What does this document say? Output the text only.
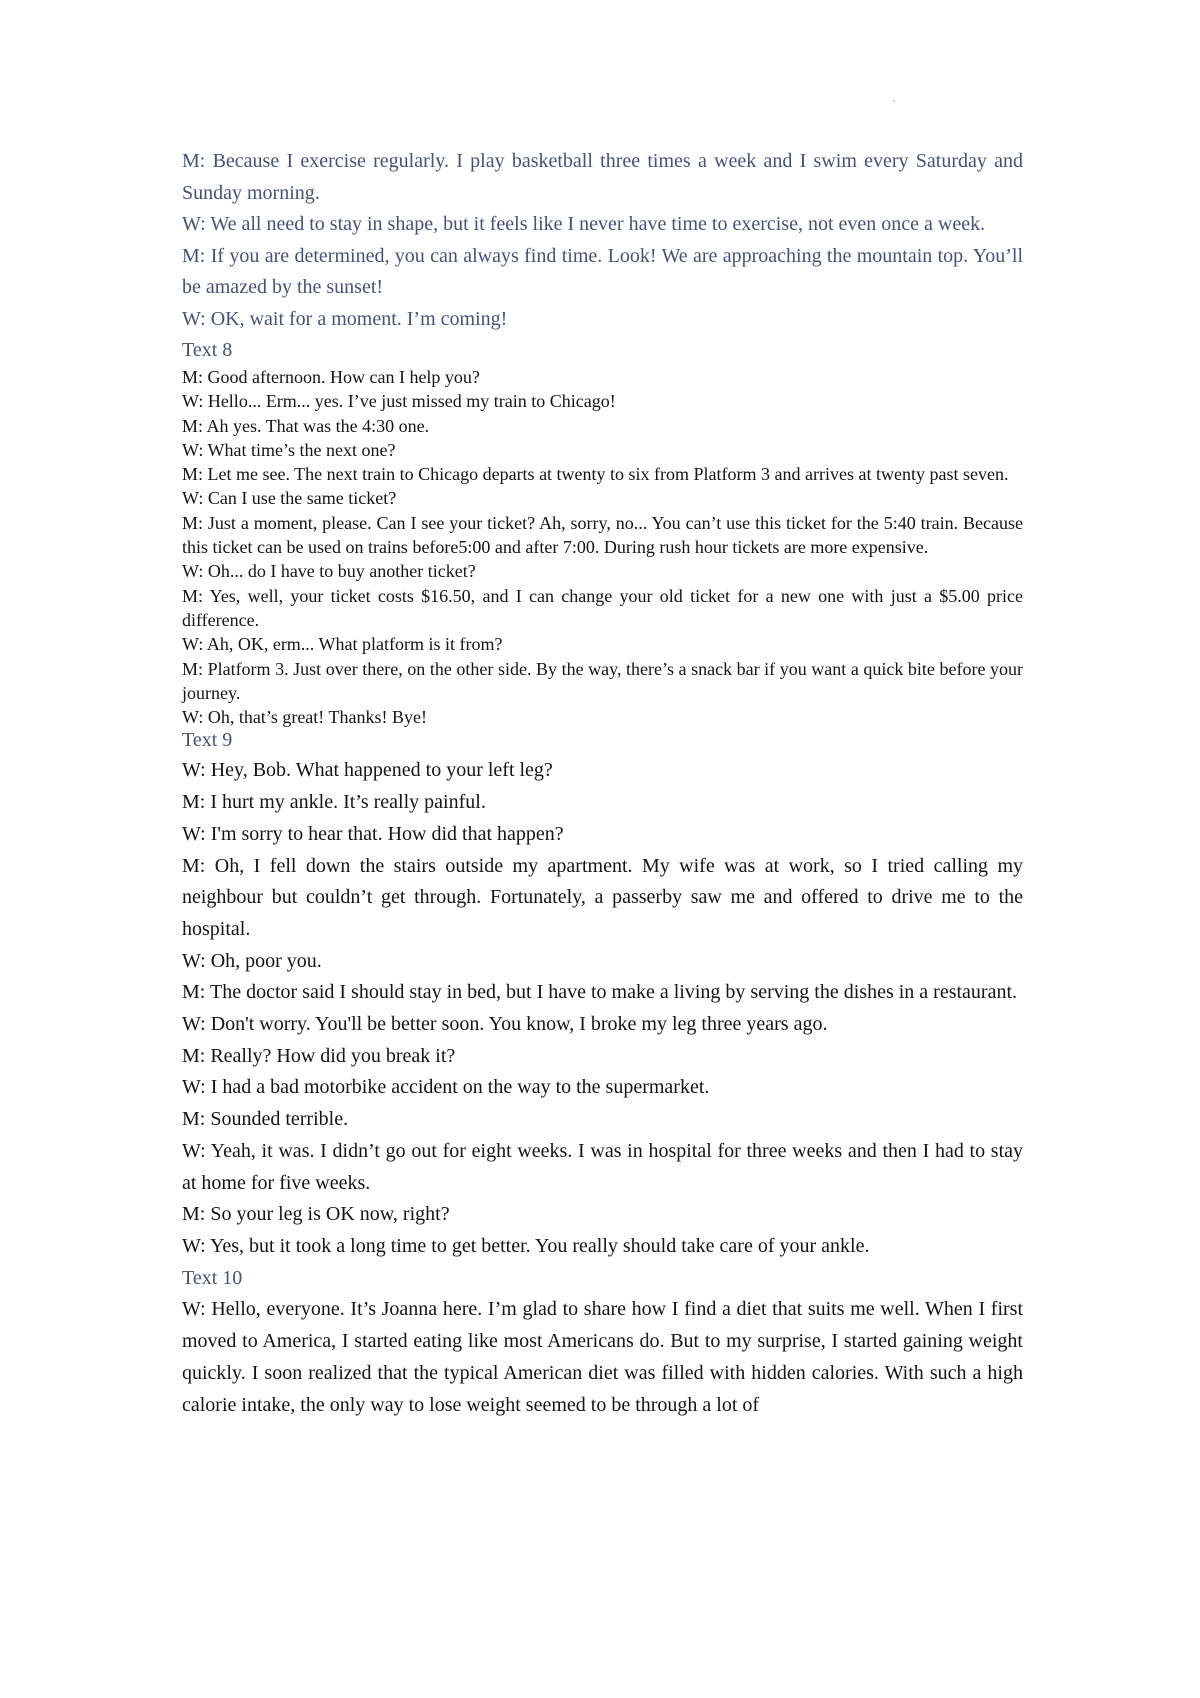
M: Because I exercise regularly. I play basketball three times a week and I swim every Saturday and Sunday morning.

W: We all need to stay in shape, but it feels like I never have time to exercise, not even once a week.

M: If you are determined, you can always find time. Look! We are approaching the mountain top. You’ll be amazed by the sunset!

W: OK, wait for a moment. I’m coming!

Text 8

M: Good afternoon. How can I help you?

W: Hello... Erm... yes. I’ve just missed my train to Chicago!

M: Ah yes. That was the 4:30 one.

W: What time’s the next one?

M: Let me see. The next train to Chicago departs at twenty to six from Platform 3 and arrives at twenty past seven.

W: Can I use the same ticket?

M: Just a moment, please. Can I see your ticket? Ah, sorry, no... You can’t use this ticket for the 5:40 train. Because this ticket can be used on trains before5:00 and after 7:00. During rush hour tickets are more expensive.

W: Oh... do I have to buy another ticket?

M: Yes, well, your ticket costs $16.50, and I can change your old ticket for a new one with just a $5.00 price difference.

W: Ah, OK, erm... What platform is it from?

M: Platform 3. Just over there, on the other side. By the way, there’s a snack bar if you want a quick bite before your journey.

W: Oh, that’s great! Thanks! Bye!

Text 9

W: Hey, Bob. What happened to your left leg?

M: I hurt my ankle. It’s really painful.

W: I'm sorry to hear that. How did that happen?

M: Oh, I fell down the stairs outside my apartment. My wife was at work, so I tried calling my neighbour but couldn’t get through. Fortunately, a passerby saw me and offered to drive me to the hospital.

W: Oh, poor you.

M: The doctor said I should stay in bed, but I have to make a living by serving the dishes in a restaurant.

W: Don't worry. You'll be better soon. You know, I broke my leg three years ago.

M: Really? How did you break it?

W: I had a bad motorbike accident on the way to the supermarket.

M: Sounded terrible.

W: Yeah, it was. I didn’t go out for eight weeks. I was in hospital for three weeks and then I had to stay at home for five weeks.

M: So your leg is OK now, right?

W: Yes, but it took a long time to get better. You really should take care of your ankle.

Text 10

W: Hello, everyone. It’s Joanna here. I’m glad to share how I find a diet that suits me well. When I first moved to America, I started eating like most Americans do. But to my surprise, I started gaining weight quickly. I soon realized that the typical American diet was filled with hidden calories. With such a high calorie intake, the only way to lose weight seemed to be through a lot of
